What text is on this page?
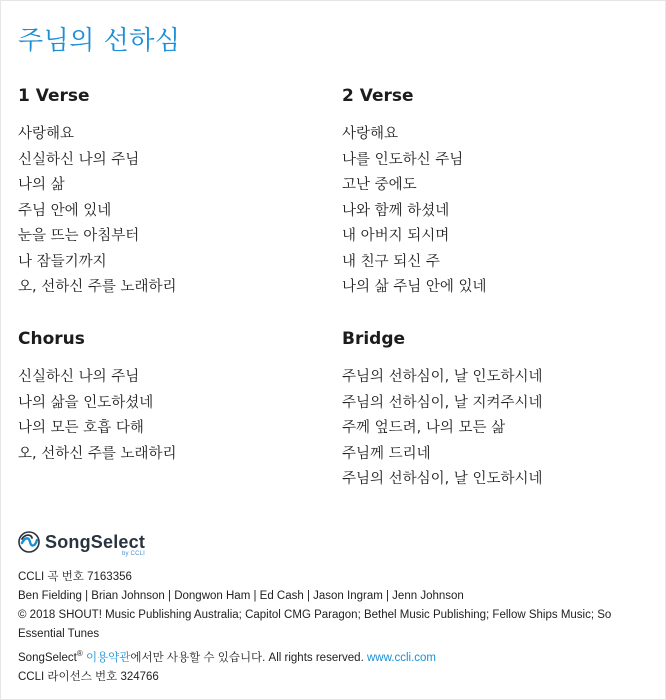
주님의 선하심
1 Verse
사랑해요
신실하신 나의 주님
나의 삶
주님 안에 있네
눈을 뜨는 아침부터
나 잠들기까지
오, 선하신 주를 노래하리
2 Verse
사랑해요
나를 인도하신 주님
고난 중에도
나와 함께 하셨네
내 아버지 되시며
내 친구 되신 주
나의 삶 주님 안에 있네
Chorus
신실하신 나의 주님
나의 삶을 인도하셨네
나의 모든 호흡 다해
오, 선하신 주를 노래하리
Bridge
주님의 선하심이, 날 인도하시네
주님의 선하심이, 날 지켜주시네
주께 엎드려, 나의 모든 삶
주님께 드리네
주님의 선하심이, 날 인도하시네
SongSelect
by CCLI
CCLI 곡 번호 7163356
Ben Fielding | Brian Johnson | Dongwon Ham | Ed Cash | Jason Ingram | Jenn Johnson
© 2018 SHOUT! Music Publishing Australia; Capitol CMG Paragon; Bethel Music Publishing; Fellow Ships Music; So Essential Tunes
SongSelect® 이용약관에서만 사용할 수 있습니다. All rights reserved. www.ccli.com
CCLI 라이선스 번호 324766
